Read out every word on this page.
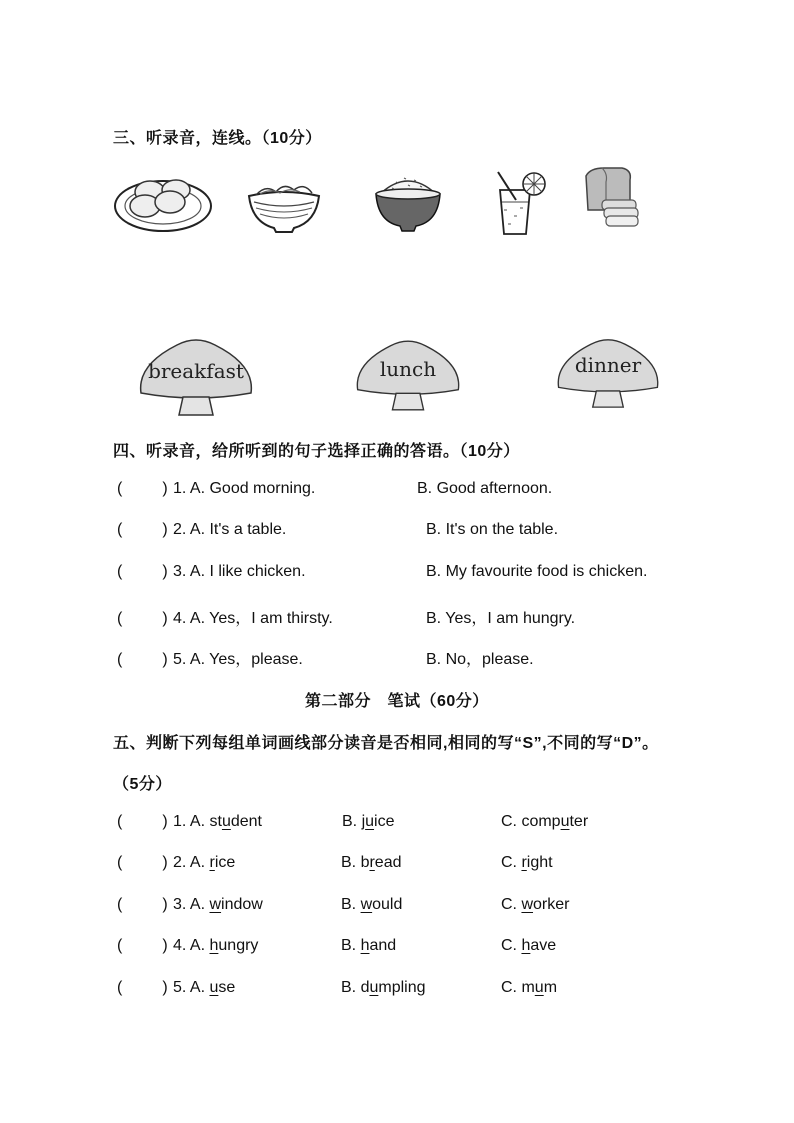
三、听录音，连线。（10分）
breakfast	lunch	dinner
四、听录音，给所听到的句子选择正确的答语。（10分）
(	) 1. A. Good morning.	B. Good afternoon.
(	) 2. A. It's a table.	B. It's on the table.
(	) 3. A. I like chicken.	B. My favourite food is chicken.
(	) 4. A. Yes，I am thirsty.	B. Yes，I am hungry.
(	) 5. A. Yes，please.	B. No，please.
第二部分　笔试（60分）
五、判断下列每组单词画线部分读音是否相同,相同的写“S”,不同的写“D”。
（5分）
(	) 1. A. student	B. juice	C. computer
(	) 2. A. rice	B. bread	C. right
(	) 3. A. window	B. would	C. worker
(	) 4. A. hungry	B. hand	C. have
(	) 5. A. use	B. dumpling	C. mum
